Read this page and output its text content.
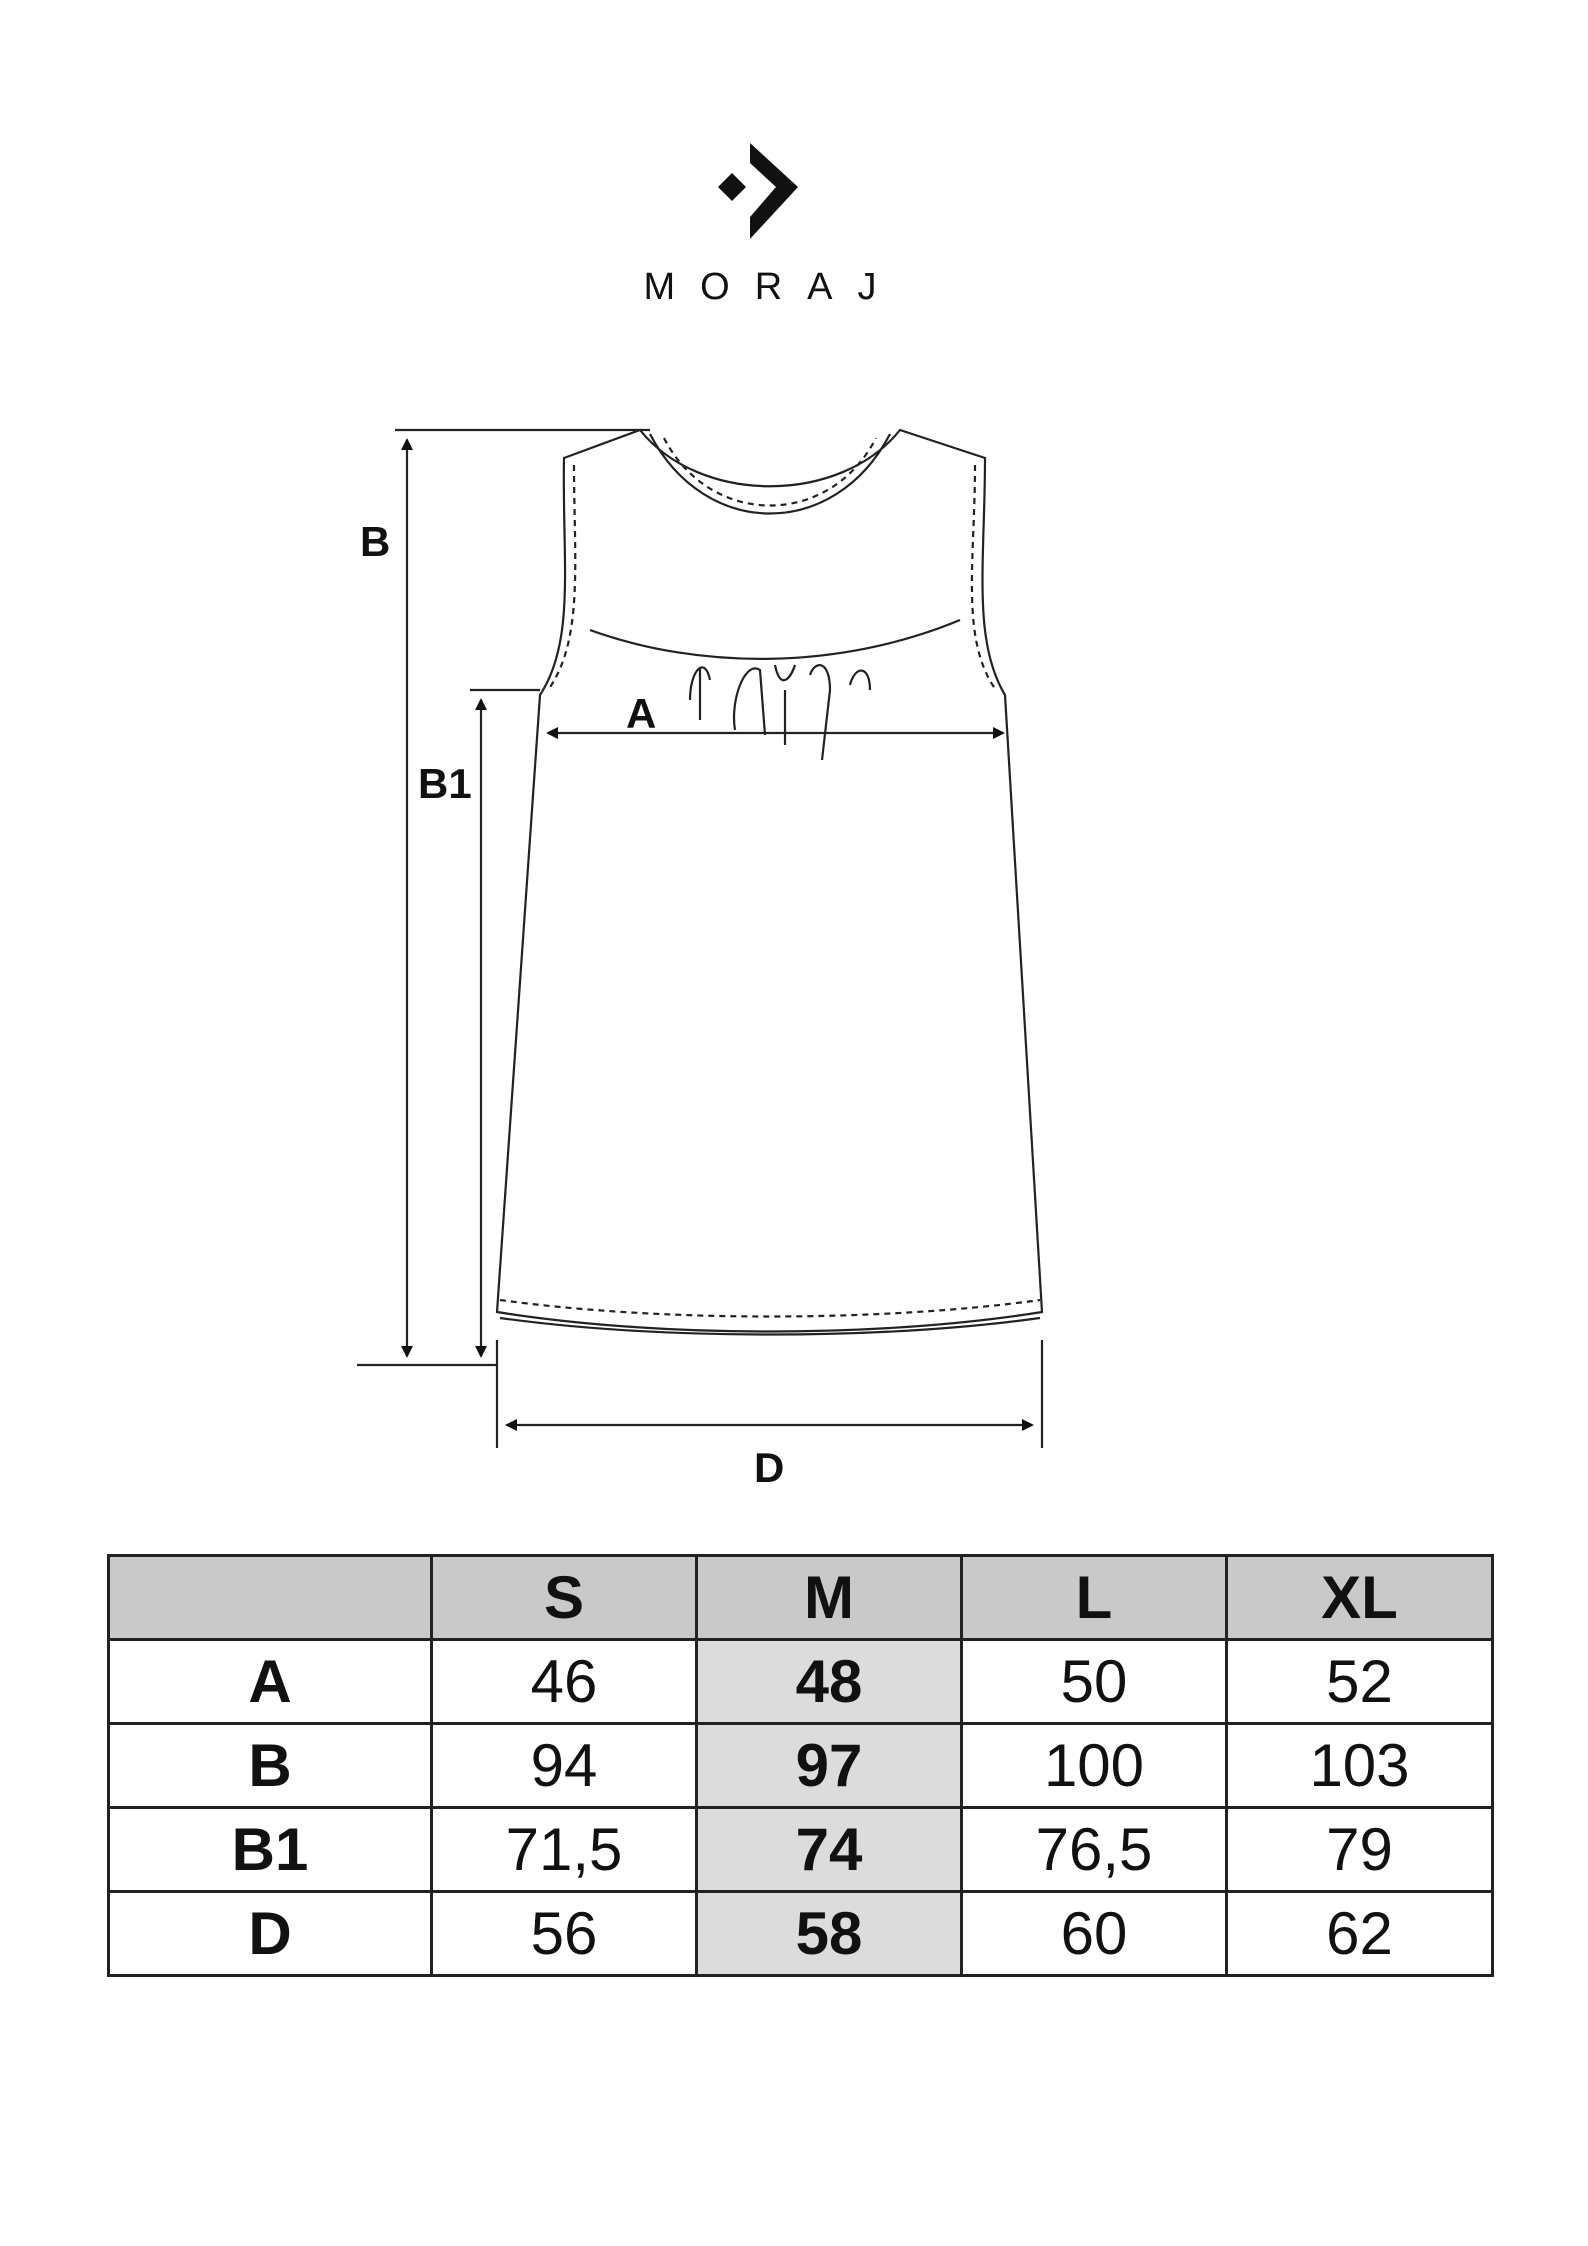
MORAJ
B
B1
A
D
	S	M	L	XL
A	46	48	50	52
B	94	97	100	103
B1	71,5	74	76,5	79
D	56	58	60	62
